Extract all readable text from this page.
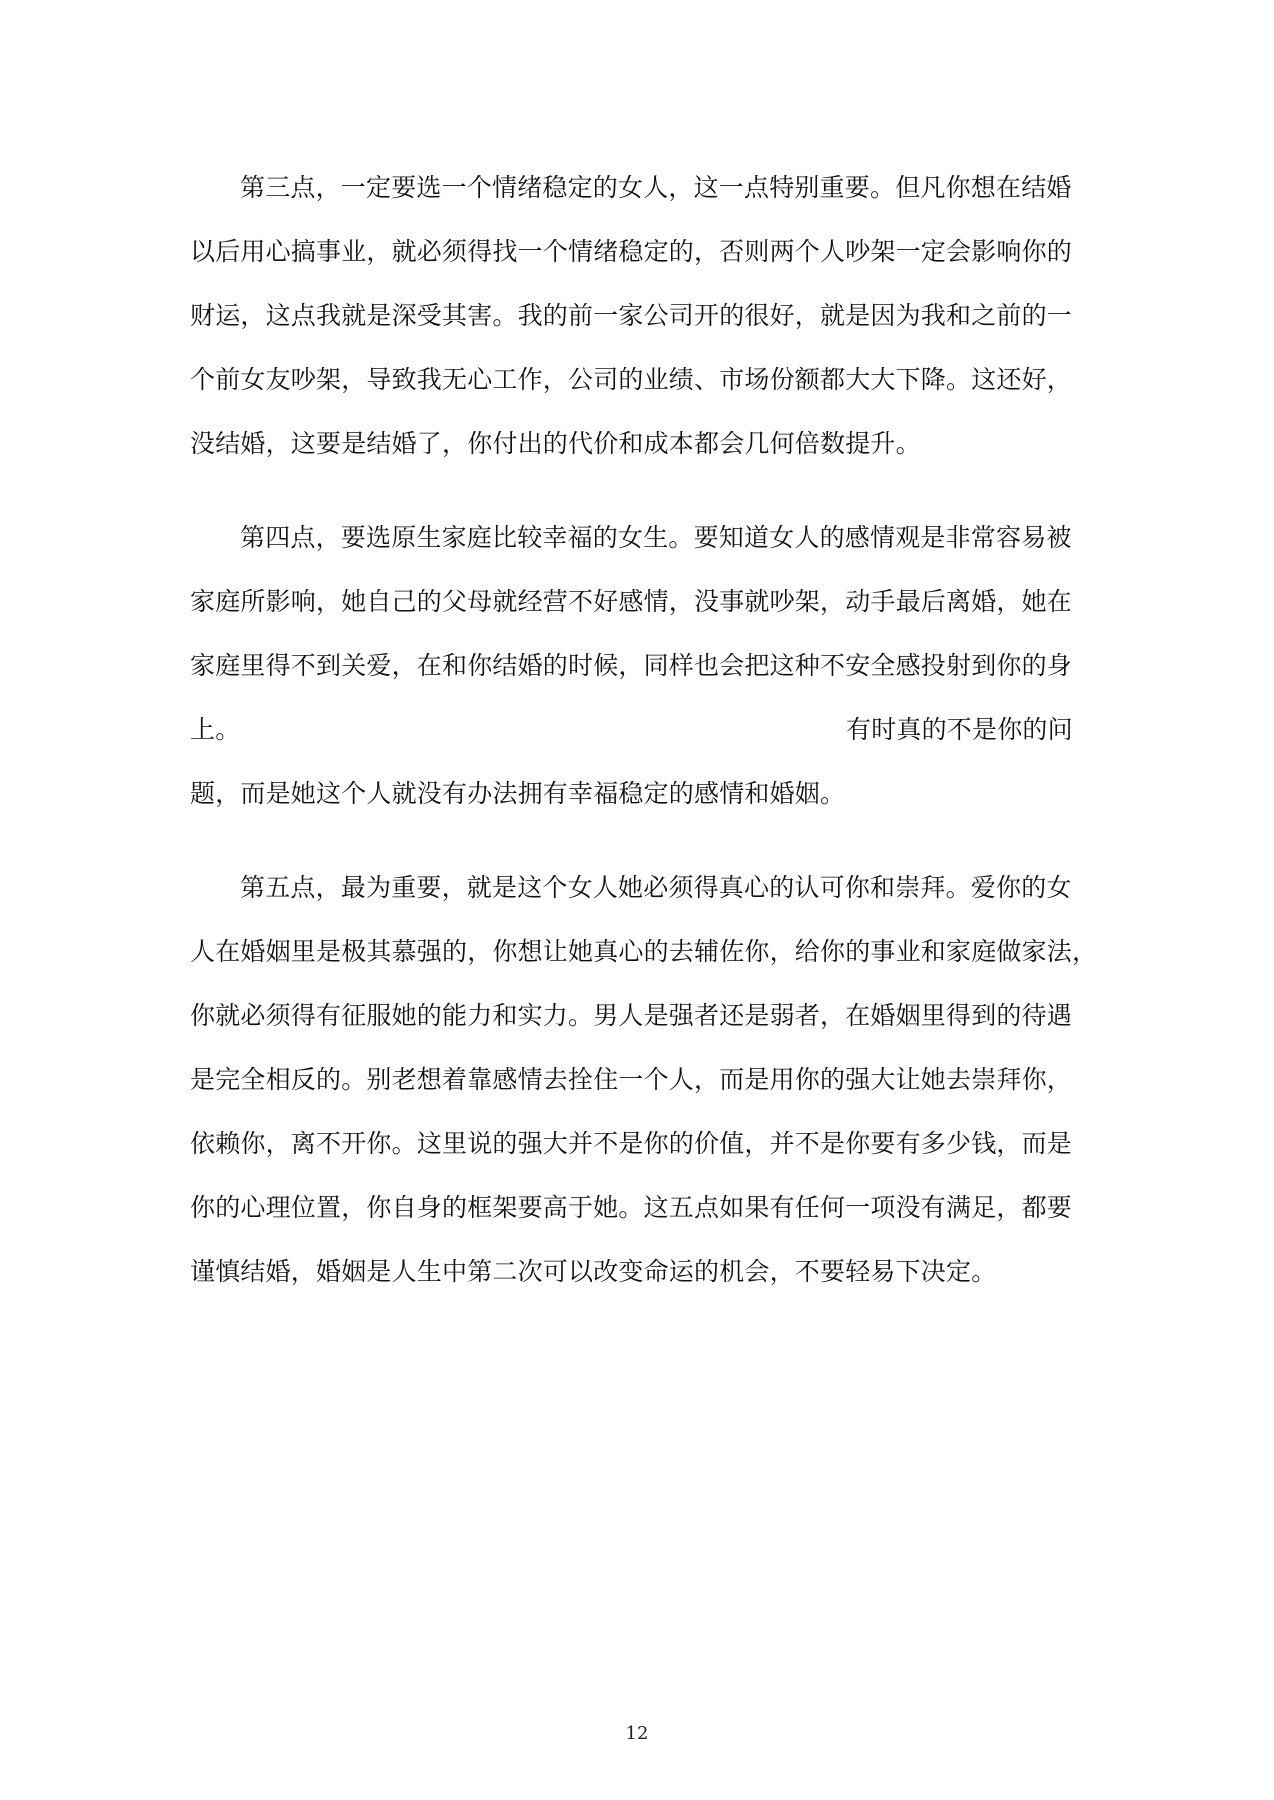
第三点，一定要选一个情绪稳定的女人，这一点特别重要。但凡你想在结婚
以后用心搞事业，就必须得找一个情绪稳定的，否则两个人吵架一定会影响你的
财运，这点我就是深受其害。我的前一家公司开的很好，就是因为我和之前的一
个前女友吵架，导致我无心工作，公司的业绩、市场份额都大大下降。这还好，
没结婚，这要是结婚了，你付出的代价和成本都会几何倍数提升。
第四点，要选原生家庭比较幸福的女生。要知道女人的感情观是非常容易被
家庭所影响，她自己的父母就经营不好感情，没事就吵架，动手最后离婚，她在
家庭里得不到关爱，在和你结婚的时候，同样也会把这种不安全感投射到你的身
上。	有时真的不是你的问
题，而是她这个人就没有办法拥有幸福稳定的感情和婚姻。
第五点，最为重要，就是这个女人她必须得真心的认可你和崇拜。爱你的女
人在婚姻里是极其慕强的，你想让她真心的去辅佐你，给你的事业和家庭做家法，
你就必须得有征服她的能力和实力。男人是强者还是弱者，在婚姻里得到的待遇
是完全相反的。别老想着靠感情去拴住一个人，而是用你的强大让她去崇拜你，
依赖你，离不开你。这里说的强大并不是你的价值，并不是你要有多少钱，而是
你的心理位置，你自身的框架要高于她。这五点如果有任何一项没有满足，都要
谨慎结婚，婚姻是人生中第二次可以改变命运的机会，不要轻易下决定。
12
